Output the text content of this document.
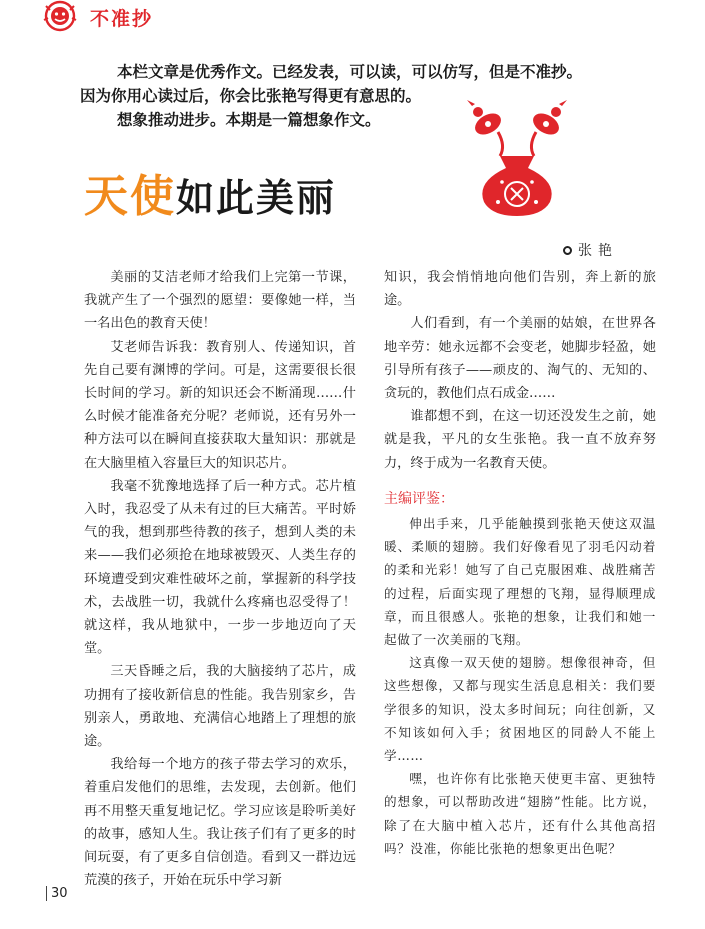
不准抄

本栏文章是优秀作文。已经发表，可以读，可以仿写，但是不准抄。

因为你用心读过后，你会比张艳写得更有意思的。

想象推动进步。本期是一篇想象作文。

天使如此美丽
张艳

美丽的艾洁老师才给我们上完第一节课，我就产生了一个强烈的愿望：要像她一样，当一名出色的教育天使！

艾老师告诉我：教育别人、传递知识，首先自己要有渊博的学问。可是，这需要很长很长时间的学习。新的知识还会不断涌现……什么时候才能准备充分呢？老师说，还有另外一种方法可以在瞬间直接获取大量知识：那就是在大脑里植入容量巨大的知识芯片。

我毫不犹豫地选择了后一种方式。芯片植入时，我忍受了从未有过的巨大痛苦。平时娇气的我，想到那些待教的孩子，想到人类的未来——我们必须抢在地球被毁灭、人类生存的环境遭受到灾难性破坏之前，掌握新的科学技术，去战胜一切，我就什么疼痛也忍受得了！就这样，我从地狱中，一步一步地迈向了天堂。

三天昏睡之后，我的大脑接纳了芯片，成功拥有了接收新信息的性能。我告别家乡，告别亲人，勇敢地、充满信心地踏上了理想的旅途。

我给每一个地方的孩子带去学习的欢乐，着重启发他们的思维，去发现，去创新。他们再不用整天重复地记忆。学习应该是聆听美好的故事，感知人生。我让孩子们有了更多的时间玩耍，有了更多自信创造。看到又一群边远荒漠的孩子，开始在玩乐中学习新

知识，我会悄悄地向他们告别，奔上新的旅途。

人们看到，有一个美丽的姑娘，在世界各地辛劳：她永远都不会变老，她脚步轻盈，她引导所有孩子——顽皮的、淘气的、无知的、贪玩的，教他们点石成金……

谁都想不到，在这一切还没发生之前，她就是我，平凡的女生张艳。我一直不放弃努力，终于成为一名教育天使。

主编评鉴：

伸出手来，几乎能触摸到张艳天使这双温暖、柔顺的翅膀。我们好像看见了羽毛闪动着的柔和光彩！她写了自己克服困难、战胜痛苦的过程，后面实现了理想的飞翔，显得顺理成章，而且很感人。张艳的想象，让我们和她一起做了一次美丽的飞翔。

这真像一双天使的翅膀。想像很神奇，但这些想像，又都与现实生活息息相关：我们要学很多的知识，没太多时间玩；向往创新，又不知该如何入手；贫困地区的同龄人不能上学……

嘿，也许你有比张艳天使更丰富、更独特的想象，可以帮助改进“翅膀”性能。比方说，除了在大脑中植入芯片，还有什么其他高招吗？没准，你能比张艳的想象更出色呢？

30
